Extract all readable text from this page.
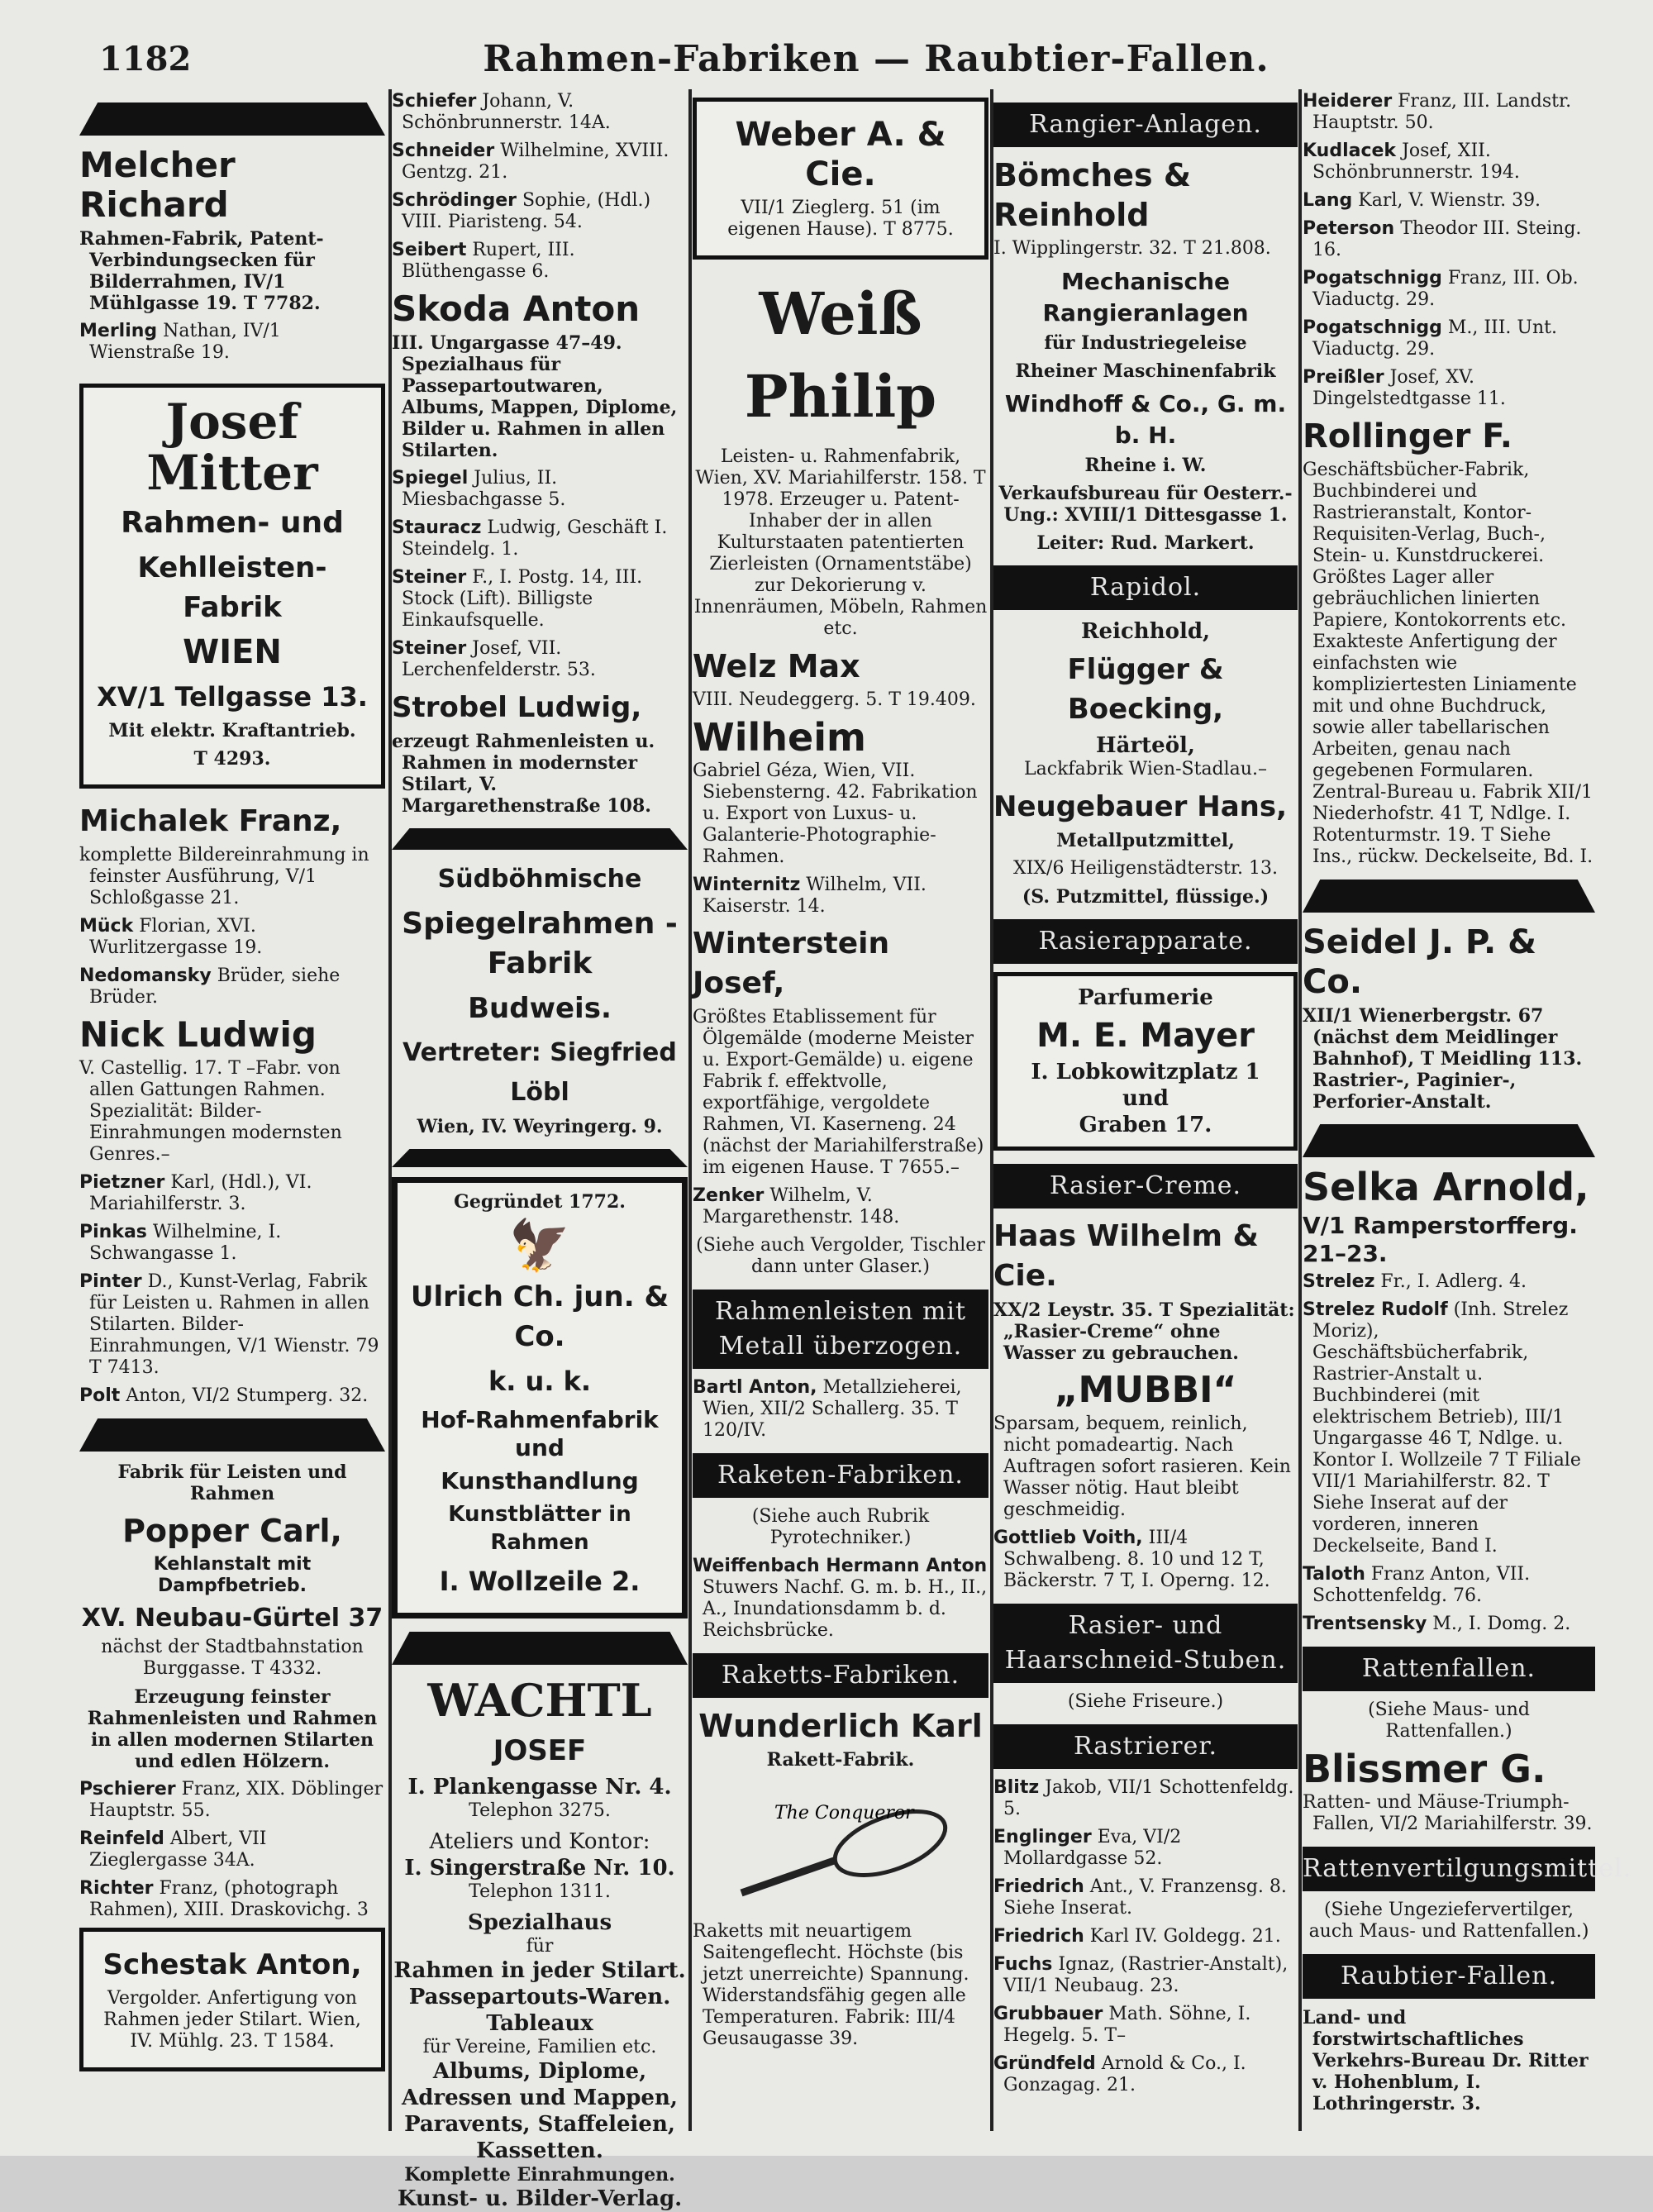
1182	Rahmen-Fabriken — Raubtier-Fallen.
Melcher Richard
Rahmen-Fabrik, Patent-Verbindungsecken für Bilderrahmen, IV/1 Mühlgasse 19. T 7782.
Merling Nathan, IV/1 Wienstraße 19.
Josef Mitter
Rahmen- und
Kehlleisten-Fabrik
WIEN
XV/1 Tellgasse 13.
Mit elektr. Kraftantrieb.
T 4293.
Michalek Franz,
komplette Bildereinrahmung in feinster Ausführung, V/1 Schloßgasse 21.
Mück Florian, XVI. Wurlitzergasse 19.
Nedomansky Brüder, siehe Brüder.
Nick Ludwig
V. Castellig. 17. T –Fabr. von allen Gattungen Rahmen. Spezialität: Bilder-Einrahmungen modernsten Genres.–
Pietzner Karl, (Hdl.), VI. Mariahilferstr. 3.
Pinkas Wilhelmine, I. Schwangasse 1.
Pinter D., Kunst-Verlag, Fabrik für Leisten u. Rahmen in allen Stilarten. Bilder-Einrahmungen, V/1 Wienstr. 79 T 7413.
Polt Anton, VI/2 Stumperg. 32.
Fabrik für Leisten und Rahmen
Popper Carl,
Kehlanstalt mit Dampfbetrieb.
XV. Neubau-Gürtel 37
nächst der Stadtbahnstation Burggasse. T 4332.
Erzeugung feinster Rahmenleisten und Rahmen in allen modernen Stilarten und edlen Hölzern.
Pschierer Franz, XIX. Döblinger Hauptstr. 55.
Reinfeld Albert, VII Zieglergasse 34A.
Richter Franz, (photograph Rahmen), XIII. Draskovichg. 3
Schestak Anton,
Vergolder. Anfertigung von Rahmen jeder Stilart. Wien, IV. Mühlg. 23. T 1584.
Schiefer Johann, V. Schönbrunnerstr. 14A.
Schneider Wilhelmine, XVIII. Gentzg. 21.
Schrödinger Sophie, (Hdl.) VIII. Piaristeng. 54.
Seibert Rupert, III. Blüthengasse 6.
Skoda Anton
III. Ungargasse 47–49. Spezialhaus für Passepartoutwaren, Albums, Mappen, Diplome, Bilder u. Rahmen in allen Stilarten.
Spiegel Julius, II. Miesbachgasse 5.
Stauracz Ludwig, Geschäft I. Steindelg. 1.
Steiner F., I. Postg. 14, III. Stock (Lift). Billigste Einkaufsquelle.
Steiner Josef, VII. Lerchenfelderstr. 53.
Strobel Ludwig,
erzeugt Rahmenleisten u. Rahmen in modernster Stilart, V. Margarethenstraße 108.
Südböhmische
Spiegelrahmen - Fabrik
Budweis.
Vertreter: Siegfried Löbl
Wien, IV. Weyringerg. 9.
Gegründet 1772.
🦅
Ulrich Ch. jun. & Co.
k. u. k.
Hof-Rahmenfabrik und
Kunsthandlung
Kunstblätter in Rahmen
I. Wollzeile 2.
WACHTL
JOSEF
I. Plankengasse Nr. 4.
Telephon 3275.
Ateliers und Kontor:
I. Singerstraße Nr. 10.
Telephon 1311.
Spezialhaus
für
Rahmen in jeder Stilart.
Passepartouts-Waren.
Tableaux
für Vereine, Familien etc.
Albums, Diplome,
Adressen und Mappen,
Paravents, Staffeleien,
Kassetten.
Komplette Einrahmungen.
Kunst- u. Bilder-Verlag.
Weber A. & Cie.
VII/1 Zieglerg. 51 (im eigenen Hause). T 8775.
Weiß Philip
Leisten- u. Rahmenfabrik, Wien, XV. Mariahilferstr. 158. T 1978. Erzeuger u. Patent-Inhaber der in allen Kulturstaaten patentierten Zierleisten (Ornamentstäbe) zur Dekorierung v. Innenräumen, Möbeln, Rahmen etc.
Welz Max
VIII. Neudeggerg. 5. T 19.409.
Wilheim
Gabriel Géza, Wien, VII. Siebensterng. 42. Fabrikation u. Export von Luxus- u. Galanterie-Photographie-Rahmen.
Winternitz Wilhelm, VII. Kaiserstr. 14.
Winterstein Josef,
Größtes Etablissement für Ölgemälde (moderne Meister u. Export-Gemälde) u. eigene Fabrik f. effektvolle, exportfähige, vergoldete Rahmen, VI. Kaserneng. 24 (nächst der Mariahilferstraße) im eigenen Hause. T 7655.–
Zenker Wilhelm, V. Margarethenstr. 148.
(Siehe auch Vergolder, Tischler dann unter Glaser.)
Rahmenleisten mit Metall überzogen.
Bartl Anton, Metallzieherei, Wien, XII/2 Schallerg. 35. T 120/IV.
Raketen-Fabriken.
(Siehe auch Rubrik Pyrotechniker.)
Weiffenbach Hermann Anton Stuwers Nachf. G. m. b. H., II., A., Inundationsdamm b. d. Reichsbrücke.
Raketts-Fabriken.
Wunderlich Karl
Rakett-Fabrik.
The Conqueror
Raketts mit neuartigem Saitengeflecht. Höchste (bis jetzt unerreichte) Spannung. Widerstandsfähig gegen alle Temperaturen. Fabrik: III/4 Geusaugasse 39.
Rangier-Anlagen.
Bömches & Reinhold
I. Wipplingerstr. 32. T 21.808.
Mechanische Rangieranlagen
für Industriegeleise
Rheiner Maschinenfabrik
Windhoff & Co., G. m. b. H.
Rheine i. W.
Verkaufsbureau für Oesterr.-Ung.: XVIII/1 Dittesgasse 1.
Leiter: Rud. Markert.
Rapidol.
Reichhold,
Flügger & Boecking,
Härteöl,
Lackfabrik Wien-Stadlau.–
Neugebauer Hans,
Metallputzmittel,
XIX/6 Heiligenstädterstr. 13.
(S. Putzmittel, flüssige.)
Rasierapparate.
Parfumerie
M. E. Mayer
I. Lobkowitzplatz 1 und
Graben 17.
Rasier-Creme.
Haas Wilhelm & Cie.
XX/2 Leystr. 35. T Spezialität: „Rasier-Creme“ ohne Wasser zu gebrauchen.
„MUBBI“
Sparsam, bequem, reinlich, nicht pomadeartig. Nach Auftragen sofort rasieren. Kein Wasser nötig. Haut bleibt geschmeidig.
Gottlieb Voith, III/4 Schwalbeng. 8. 10 und 12 T, Bäckerstr. 7 T, I. Operng. 12.
Rasier- und Haarschneid-Stuben.
(Siehe Friseure.)
Rastrierer.
Blitz Jakob, VII/1 Schottenfeldg. 5.
Englinger Eva, VI/2 Mollardgasse 52.
Friedrich Ant., V. Franzensg. 8. Siehe Inserat.
Friedrich Karl IV. Goldegg. 21.
Fuchs Ignaz, (Rastrier-Anstalt), VII/1 Neubaug. 23.
Grubbauer Math. Söhne, I. Hegelg. 5. T–
Gründfeld Arnold & Co., I. Gonzagag. 21.
Heiderer Franz, III. Landstr. Hauptstr. 50.
Kudlacek Josef, XII. Schönbrunnerstr. 194.
Lang Karl, V. Wienstr. 39.
Peterson Theodor III. Steing. 16.
Pogatschnigg Franz, III. Ob. Viaductg. 29.
Pogatschnigg M., III. Unt. Viaductg. 29.
Preißler Josef, XV. Dingelstedtgasse 11.
Rollinger F.
Geschäftsbücher-Fabrik, Buchbinderei und Rastrieranstalt, Kontor-Requisiten-Verlag, Buch-, Stein- u. Kunstdruckerei. Größtes Lager aller gebräuchlichen linierten Papiere, Kontokorrents etc. Exakteste Anfertigung der einfachsten wie kompliziertesten Liniamente mit und ohne Buchdruck, sowie aller tabellarischen Arbeiten, genau nach gegebenen Formularen. Zentral-Bureau u. Fabrik XII/1 Niederhofstr. 41 T, Ndlge. I. Rotenturmstr. 19. T Siehe Ins., rückw. Deckelseite, Bd. I.
Seidel J. P. & Co.
XII/1 Wienerbergstr. 67 (nächst dem Meidlinger Bahnhof), T Meidling 113. Rastrier-, Paginier-, Perforier-Anstalt.
Selka Arnold,
V/1 Ramperstorfferg. 21–23.
Strelez Fr., I. Adlerg. 4.
Strelez Rudolf (Inh. Strelez Moriz), Geschäftsbücherfabrik, Rastrier-Anstalt u. Buchbinderei (mit elektrischem Betrieb), III/1 Ungargasse 46 T, Ndlge. u. Kontor I. Wollzeile 7 T Filiale VII/1 Mariahilferstr. 82. T Siehe Inserat auf der vorderen, inneren Deckelseite, Band I.
Taloth Franz Anton, VII. Schottenfeldg. 76.
Trentsensky M., I. Domg. 2.
Rattenfallen.
(Siehe Maus- und Rattenfallen.)
Blissmer G.
Ratten- und Mäuse-Triumph-Fallen, VI/2 Mariahilferstr. 39.
Rattenvertilgungsmittel.
(Siehe Ungeziefervertilger, auch Maus- und Rattenfallen.)
Raubtier-Fallen.
Land- und forstwirtschaftliches Verkehrs-Bureau Dr. Ritter v. Hohenblum, I. Lothringerstr. 3.
